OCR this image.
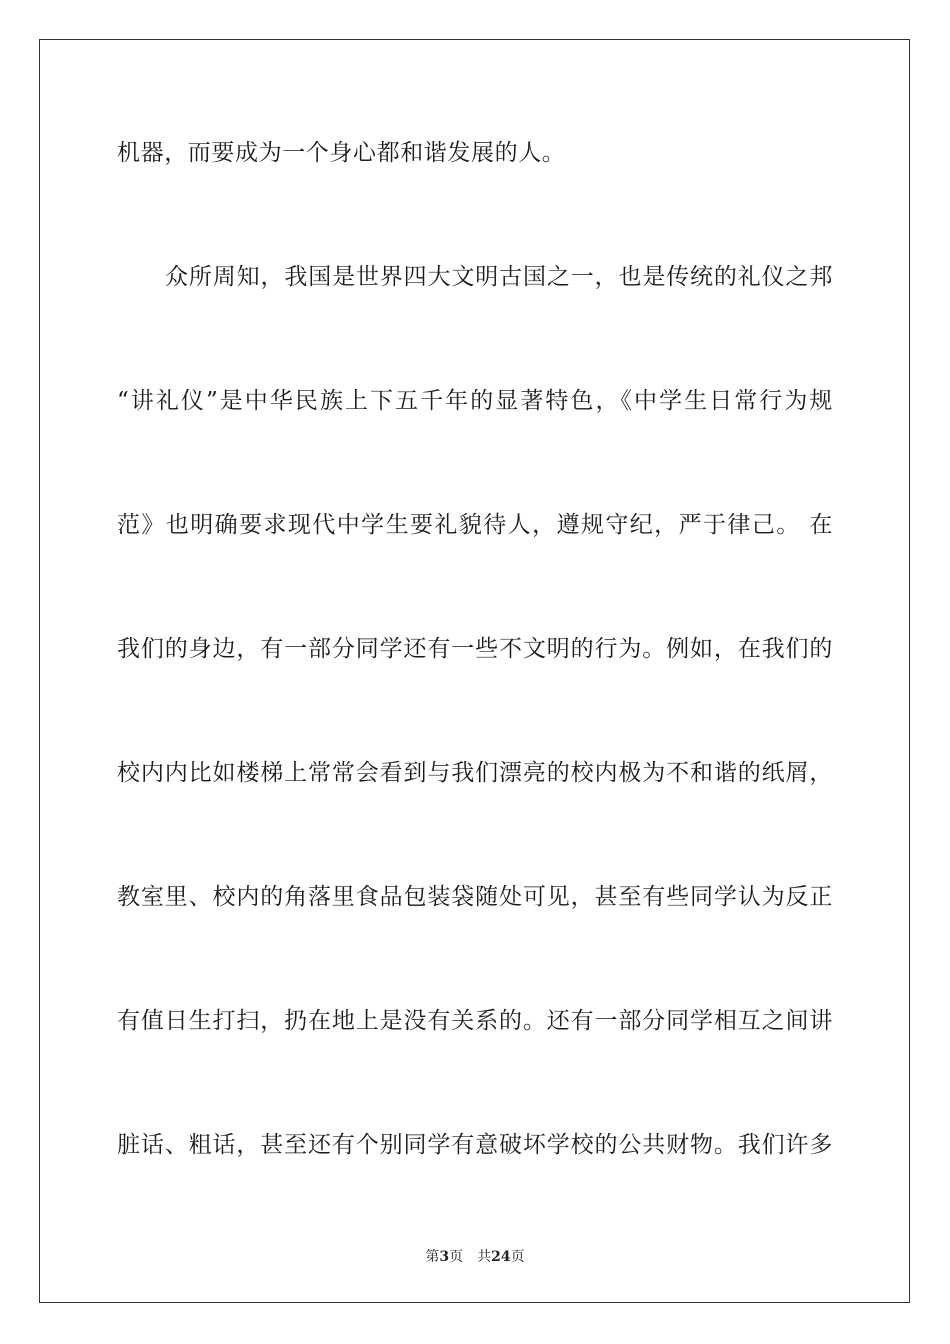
机器，而要成为一个身心都和谐发展的人。
众所周知，我国是世界四大文明古国之一，也是传统的礼仪之邦
“讲礼仪”是中华民族上下五千年的显著特色，《中学生日常行为规
范》也明确要求现代中学生要礼貌待人，遵规守纪，严于律己。 在
我们的身边，有一部分同学还有一些不文明的行为。例如，在我们的
校内内比如楼梯上常常会看到与我们漂亮的校内极为不和谐的纸屑，
教室里、校内的角落里食品包装袋随处可见，甚至有些同学认为反正
有值日生打扫，扔在地上是没有关系的。还有一部分同学相互之间讲
脏话、粗话，甚至还有个别同学有意破坏学校的公共财物。我们许多
第3页 共24页
